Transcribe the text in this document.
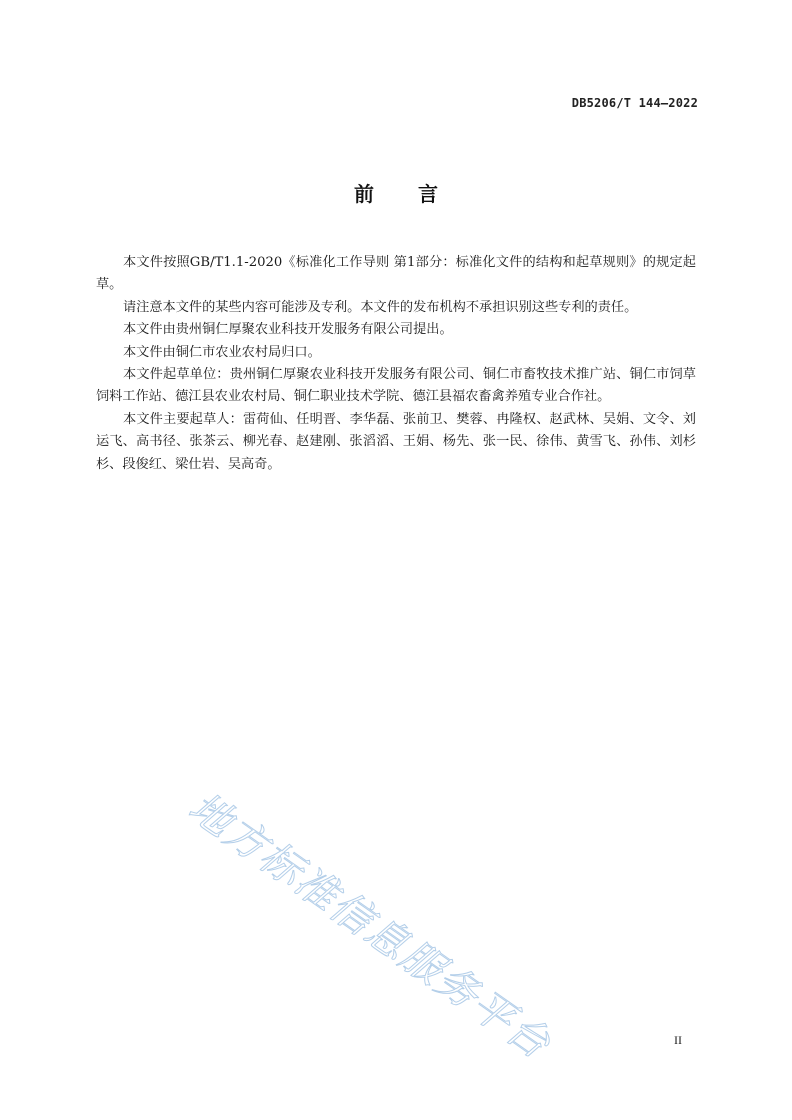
DB5206/T 144—2022
前 言

本文件按照GB/T1.1-2020《标准化工作导则 第1部分：标准化文件的结构和起草规则》的规定起草。

请注意本文件的某些内容可能涉及专利。本文件的发布机构不承担识别这些专利的责任。

本文件由贵州铜仁厚聚农业科技开发服务有限公司提出。

本文件由铜仁市农业农村局归口。

本文件起草单位：贵州铜仁厚聚农业科技开发服务有限公司、铜仁市畜牧技术推广站、铜仁市饲草饲料工作站、德江县农业农村局、铜仁职业技术学院、德江县福农畜禽养殖专业合作社。

本文件主要起草人：雷荷仙、任明晋、李华磊、张前卫、樊蓉、冉隆权、赵武林、吴娟、文令、刘运飞、高书径、张茶云、柳光春、赵建刚、张滔滔、王娟、杨先、张一民、徐伟、黄雪飞、孙伟、刘杉杉、段俊红、梁仕岩、吴高奇。

地方标准信息服务平台	II
